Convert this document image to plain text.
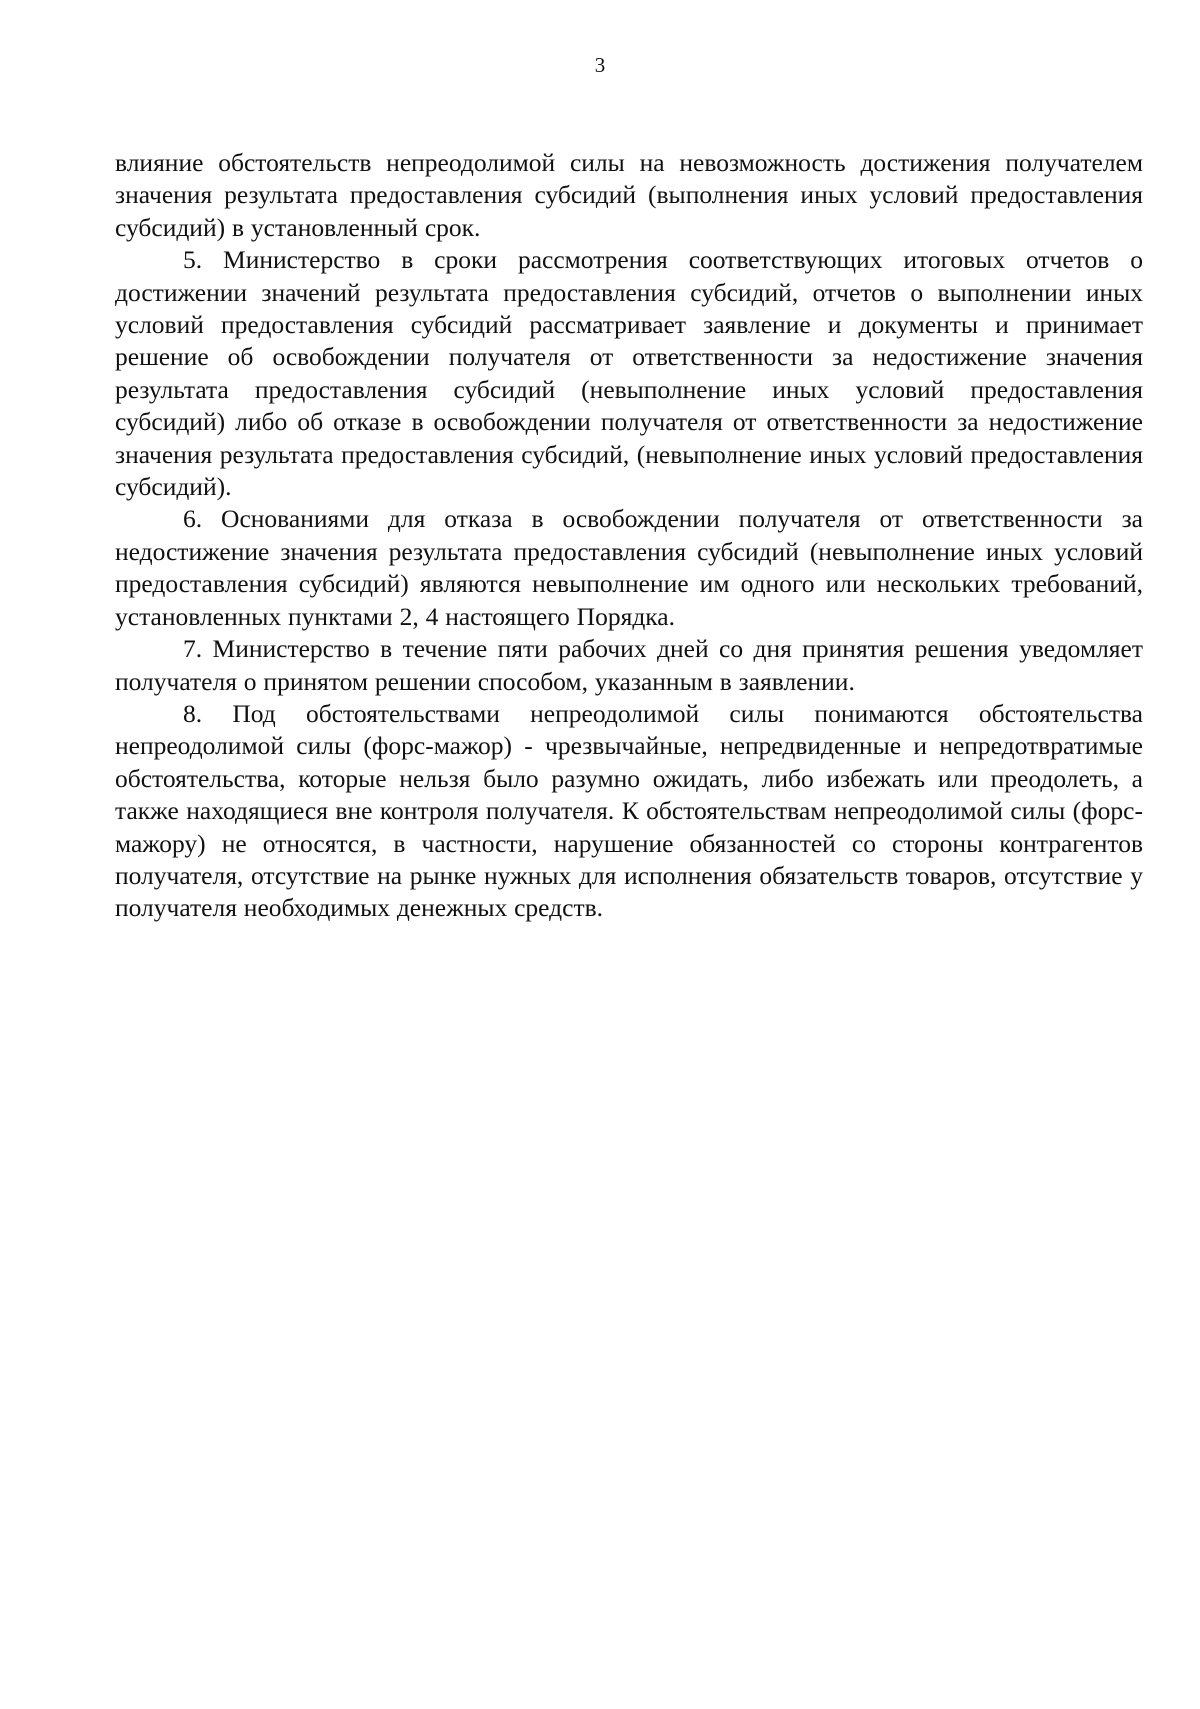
3

влияние обстоятельств непреодолимой силы на невозможность достижения получателем значения результата предоставления субсидий (выполнения иных условий предоставления субсидий) в установленный срок.

5. Министерство в сроки рассмотрения соответствующих итоговых отчетов о достижении значений результата предоставления субсидий, отчетов о выполнении иных условий предоставления субсидий рассматривает заявление и документы и принимает решение об освобождении получателя от ответственности за недостижение значения результата предоставления субсидий (невыполнение иных условий предоставления субсидий) либо об отказе в освобождении получателя от ответственности за недостижение значения результата предоставления субсидий, (невыполнение иных условий предоставления субсидий).

6. Основаниями для отказа в освобождении получателя от ответственности за недостижение значения результата предоставления субсидий (невыполнение иных условий предоставления субсидий) являются невыполнение им одного или нескольких требований, установленных пунктами 2, 4 настоящего Порядка.

7. Министерство в течение пяти рабочих дней со дня принятия решения уведомляет получателя о принятом решении способом, указанным в заявлении.

8. Под обстоятельствами непреодолимой силы понимаются обстоятельства непреодолимой силы (форс-мажор) - чрезвычайные, непредвиденные и непредотвратимые обстоятельства, которые нельзя было разумно ожидать, либо избежать или преодолеть, а также находящиеся вне контроля получателя. К обстоятельствам непреодолимой силы (форс-мажору) не относятся, в частности, нарушение обязанностей со стороны контрагентов получателя, отсутствие на рынке нужных для исполнения обязательств товаров, отсутствие у получателя необходимых денежных средств.
